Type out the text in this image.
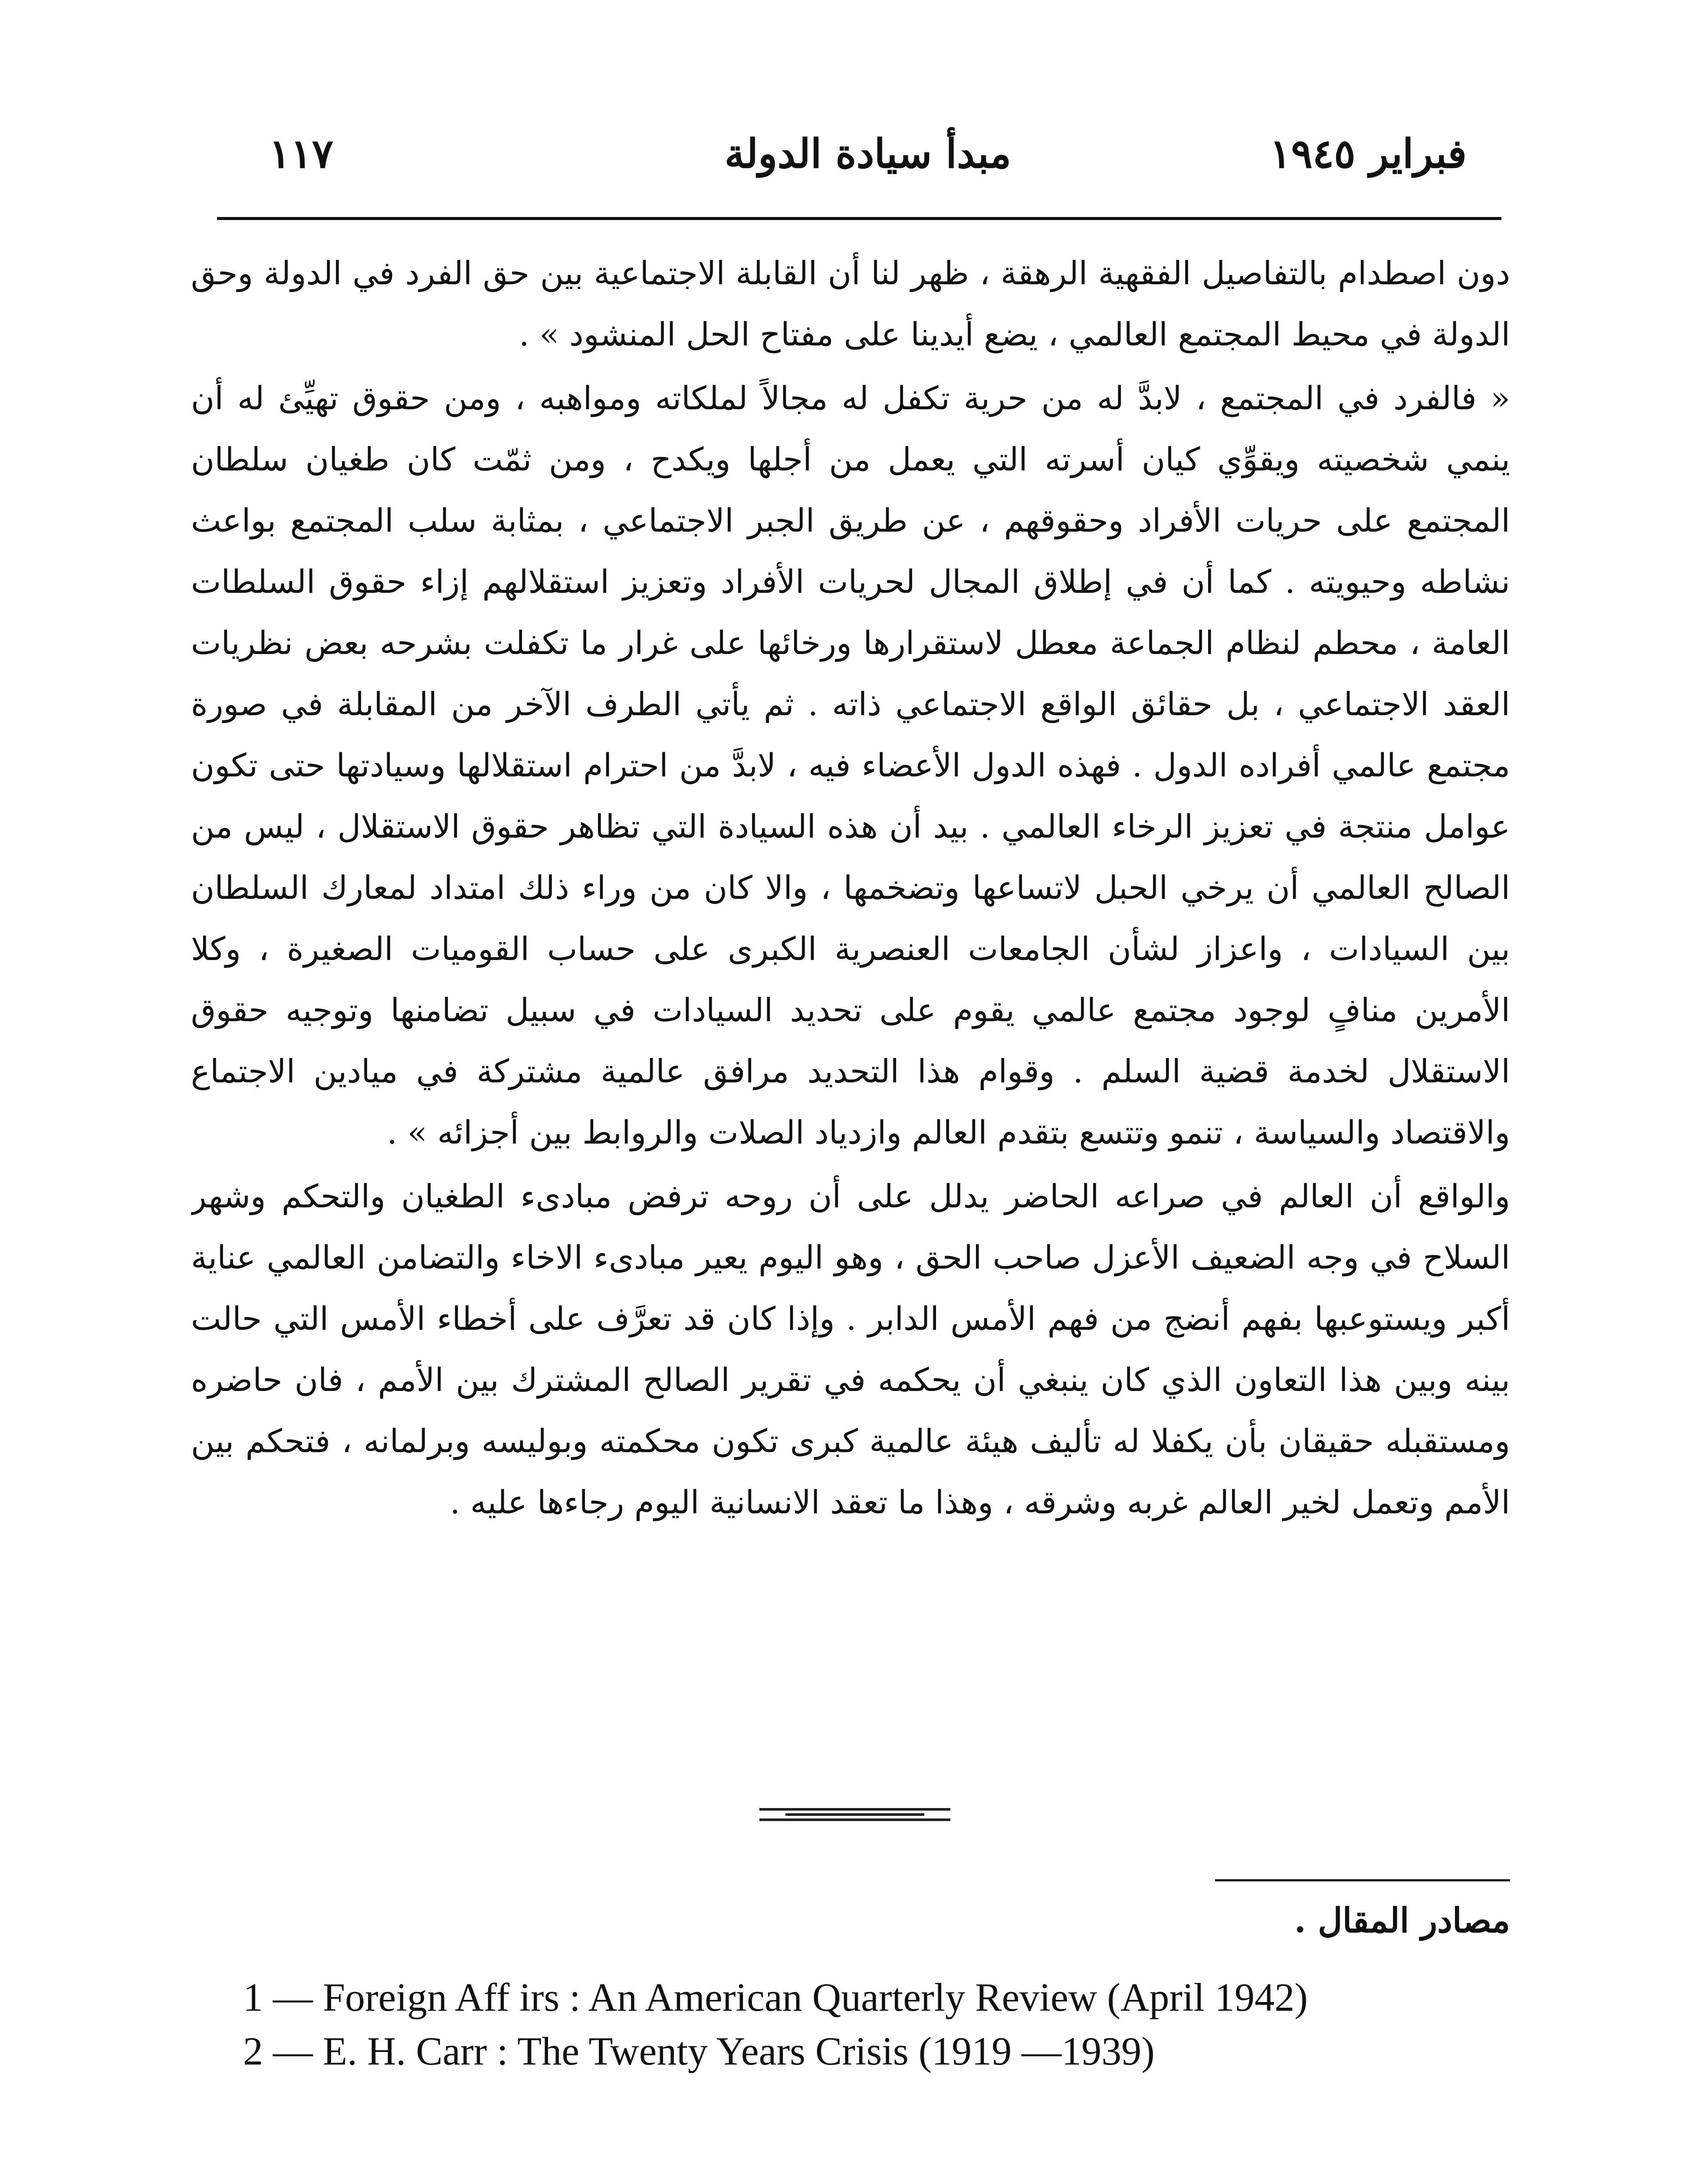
فبراير ١٩٤٥
مبدأ سيادة الدولة
١١٧

دون اصطدام بالتفاصيل الفقهية الرهقة ، ظهر لنا أن القابلة الاجتماعية بين حق الفرد في الدولة وحق الدولة في محيط المجتمع العالمي ، يضع أيدينا على مفتاح الحل المنشود » .

« فالفرد في المجتمع ، لابدَّ له من حرية تكفل له مجالاً لملكاته ومواهبه ، ومن حقوق تهيِّئ له أن ينمي شخصيته ويقوِّي كيان أسرته التي يعمل من أجلها ويكدح ، ومن ثمّت كان طغيان سلطان المجتمع على حريات الأفراد وحقوقهم ، عن طريق الجبر الاجتماعي ، بمثابة سلب المجتمع بواعث نشاطه وحيويته . كما أن في إطلاق المجال لحريات الأفراد وتعزيز استقلالهم إزاء حقوق السلطات العامة ، محطم لنظام الجماعة معطل لاستقرارها ورخائها على غرار ما تكفلت بشرحه بعض نظريات العقد الاجتماعي ، بل حقائق الواقع الاجتماعي ذاته . ثم يأتي الطرف الآخر من المقابلة في صورة مجتمع عالمي أفراده الدول . فهذه الدول الأعضاء فيه ، لابدَّ من احترام استقلالها وسيادتها حتى تكون عوامل منتجة في تعزيز الرخاء العالمي . بيد أن هذه السيادة التي تظاهر حقوق الاستقلال ، ليس من الصالح العالمي أن يرخي الحبل لاتساعها وتضخمها ، والا كان من وراء ذلك امتداد لمعارك السلطان بين السيادات ، واعزاز لشأن الجامعات العنصرية الكبرى على حساب القوميات الصغيرة ، وكلا الأمرين منافٍ لوجود مجتمع عالمي يقوم على تحديد السيادات في سبيل تضامنها وتوجيه حقوق الاستقلال لخدمة قضية السلم . وقوام هذا التحديد مرافق عالمية مشتركة في ميادين الاجتماع والاقتصاد والسياسة ، تنمو وتتسع بتقدم العالم وازدياد الصلات والروابط بين أجزائه » .

والواقع أن العالم في صراعه الحاضر يدلل على أن روحه ترفض مبادىء الطغيان والتحكم وشهر السلاح في وجه الضعيف الأعزل صاحب الحق ، وهو اليوم يعير مبادىء الاخاء والتضامن العالمي عناية أكبر ويستوعبها بفهم أنضج من فهم الأمس الدابر . وإذا كان قد تعرَّف على أخطاء الأمس التي حالت بينه وبين هذا التعاون الذي كان ينبغي أن يحكمه في تقرير الصالح المشترك بين الأمم ، فان حاضره ومستقبله حقيقان بأن يكفلا له تأليف هيئة عالمية كبرى تكون محكمته وبوليسه وبرلمانه ، فتحكم بين الأمم وتعمل لخير العالم غربه وشرقه ، وهذا ما تعقد الانسانية اليوم رجاءها عليه .

مصادر المقال .
1 — Foreign Aff irs : An American Quarterly Review (April 1942)
2 — E. H. Carr : The Twenty Years Crisis (1919 —1939)
